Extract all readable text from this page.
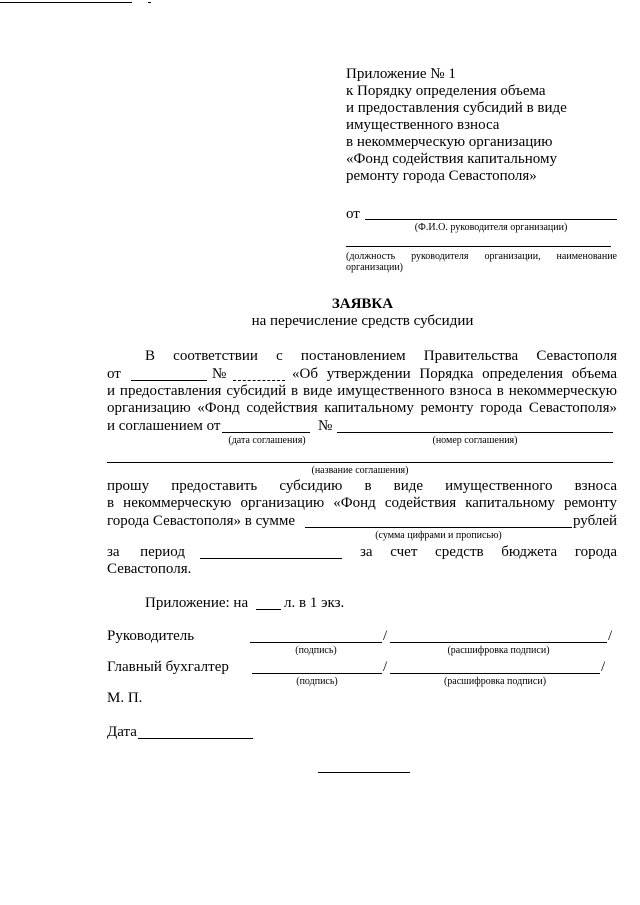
Приложение № 1
к Порядку определения объема
и предоставления субсидий в виде
имущественного взноса
в некоммерческую организацию
«Фонд содействия капитальному
ремонту города Севастополя»
от
(Ф.И.О. руководителя организации)
(должность руководителя организации, наименование
организации)
ЗАЯВКА
на перечисление средств субсидии
В соответствии с постановлением Правительства Севастополя
от	№	«Об утверждении Порядка определения объема
и предоставления субсидий в виде имущественного взноса в некоммерческую
организацию «Фонд содействия капитальному ремонту города Севастополя»
и соглашением от	№
(дата соглашения)	(номер соглашения)
(название соглашения)
прошу предоставить субсидию в виде имущественного взноса
в некоммерческую организацию «Фонд содействия капитальному ремонту
города Севастополя» в сумме	рублей
(сумма цифрами и прописью)
за период	за счет средств бюджета города
Севастополя.
Приложение: на л. в 1 экз.
Руководитель	/	/
(подпись)	(расшифровка подписи)
Главный бухгалтер	/	/
(подпись)	(расшифровка подписи)
М. П.
Дата
